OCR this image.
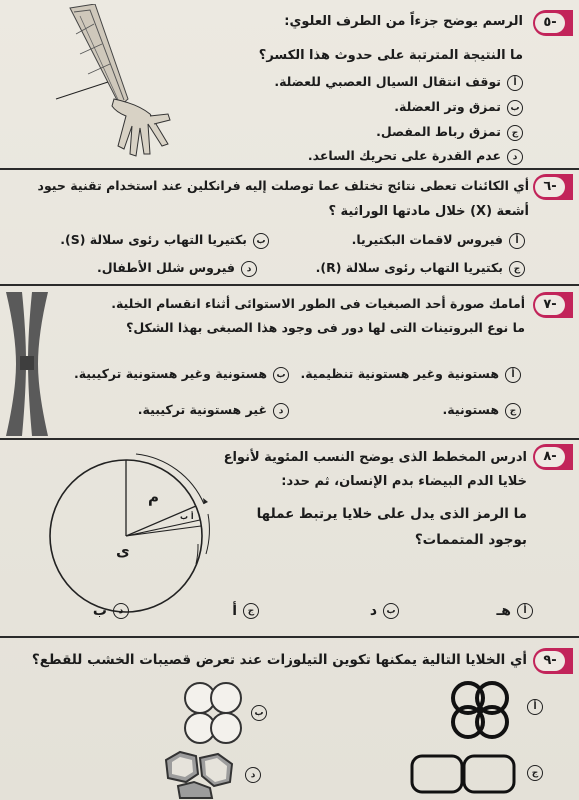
-٥
الرسم يوضح جزءاً من الطرف العلوي:
ما النتيجة المترتبة على حدوث هذا الكسر؟
أتوقف انتقال السيال العصبي للعضلة.
بتمزق وتر العضلة.
جتمزق رباط المفصل.
دعدم القدرة على تحريك الساعد.
-٦
أي الكائنات تعطى نتائج تختلف عما توصلت إليه فرانكلين عند استخدام تقنية حيود
أشعة (X) خلال مادتها الوراثية ؟
أفيروس لاقمات البكتيريا.
ببكتيريا التهاب رئوى سلالة (S).
جبكتيريا التهاب رئوى سلالة (R).
دفيروس شلل الأطفال.
-٧
أمامك صورة أحد الصبغيات فى الطور الاستوائى أثناء انقسام الخلية.
ما نوع البروتينات التى لها دور فى وجود هذا الصبغى بهذا الشكل؟
أهستونية وغير هستونية تنظيمية.
بهستونية وغير هستونية تركيبية.
جهستونية.
دغير هستونية تركيبية.
-٨
م
ى
أ ب
ادرس المخطط الذى يوضح النسب المئوية لأنواع
خلايا الدم البيضاء بدم الإنسان، ثم حدد:
ما الرمز الذى يدل على خلايا يرتبط عملها
بوجود المتممات؟
أهـ
بد
جأ
دب
-٩
أي الخلايا التالية يمكنها تكوين التيلوزات عند تعرض قصيبات الخشب للقطع؟
أ
ب
ج
د
